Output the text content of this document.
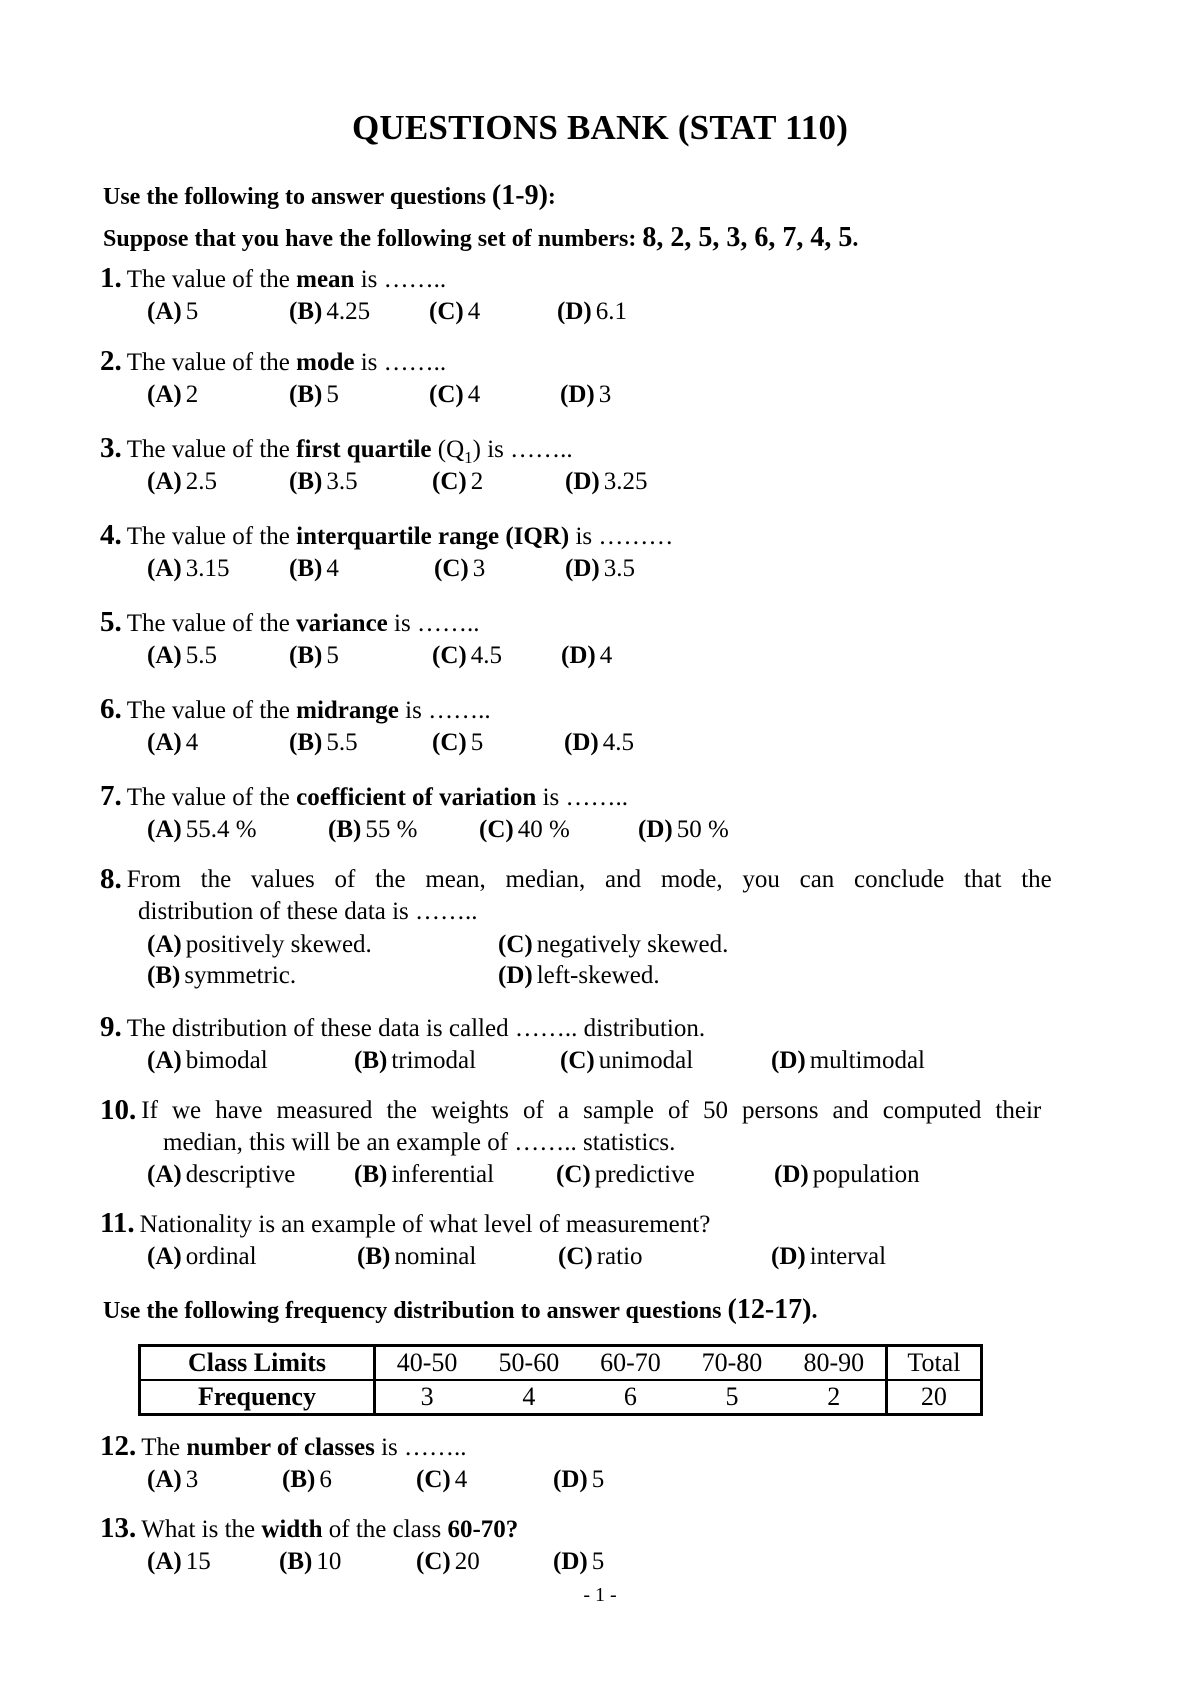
QUESTIONS BANK (STAT 110)
Use the following to answer questions (1-9):
Suppose that you have the following set of numbers: 8, 2, 5, 3, 6, 7, 4, 5.
1. The value of the mean is ……..
(A) 5	(B) 4.25 (C) 4	(D) 6.1
2. The value of the mode is ……..
(A) 2	(B) 5	(C) 4	(D) 3
3. The value of the first quartile $(Q_1)$ is ……..
(A) 2.5	(B) 3.5	(C) 2	(D) 3.25
4. The value of the interquartile range (IQR) is ………
(A) 3.15 (B) 4	(C) 3	(D) 3.5
5. The value of the variance is ……..
(A) 5.5	(B) 5	(C) 4.5 (D) 4
6. The value of the midrange is ……..
(A) 4	(B) 5.5	(C) 5	(D) 4.5
7. The value of the coefficient of variation is ……..
(A) 55.4 %	(B) 55 % (C) 40 %	(D) 50 %
8. From the values of the mean, median, and mode, you can conclude that the
distribution of these data is ……..
(A) positively skewed.	(C) negatively skewed.
(B) symmetric.	(D) left-skewed.
9. The distribution of these data is called …….. distribution.
(A) bimodal	(B) trimodal	(C) unimodal	(D) multimodal
10. If we have measured the weights of a sample of 50 persons and computed their
median, this will be an example of …….. statistics.
(A) descriptive (B) inferential (C) predictive	(D) population
11. Nationality is an example of what level of measurement?
(A) ordinal	(B) nominal	(C) ratio	(D) interval
Use the following frequency distribution to answer questions (12-17).
Class Limits	40-50	50-60	60-70	70-80	80-90	Total
Frequency	3	4	6	5	2	20
12. The number of classes is ……..
(A) 3	(B) 6	(C) 4	(D) 5
13. What is the width of the class 60-70?
(A) 15	(B) 10	(C) 20	(D) 5
- 1 -
